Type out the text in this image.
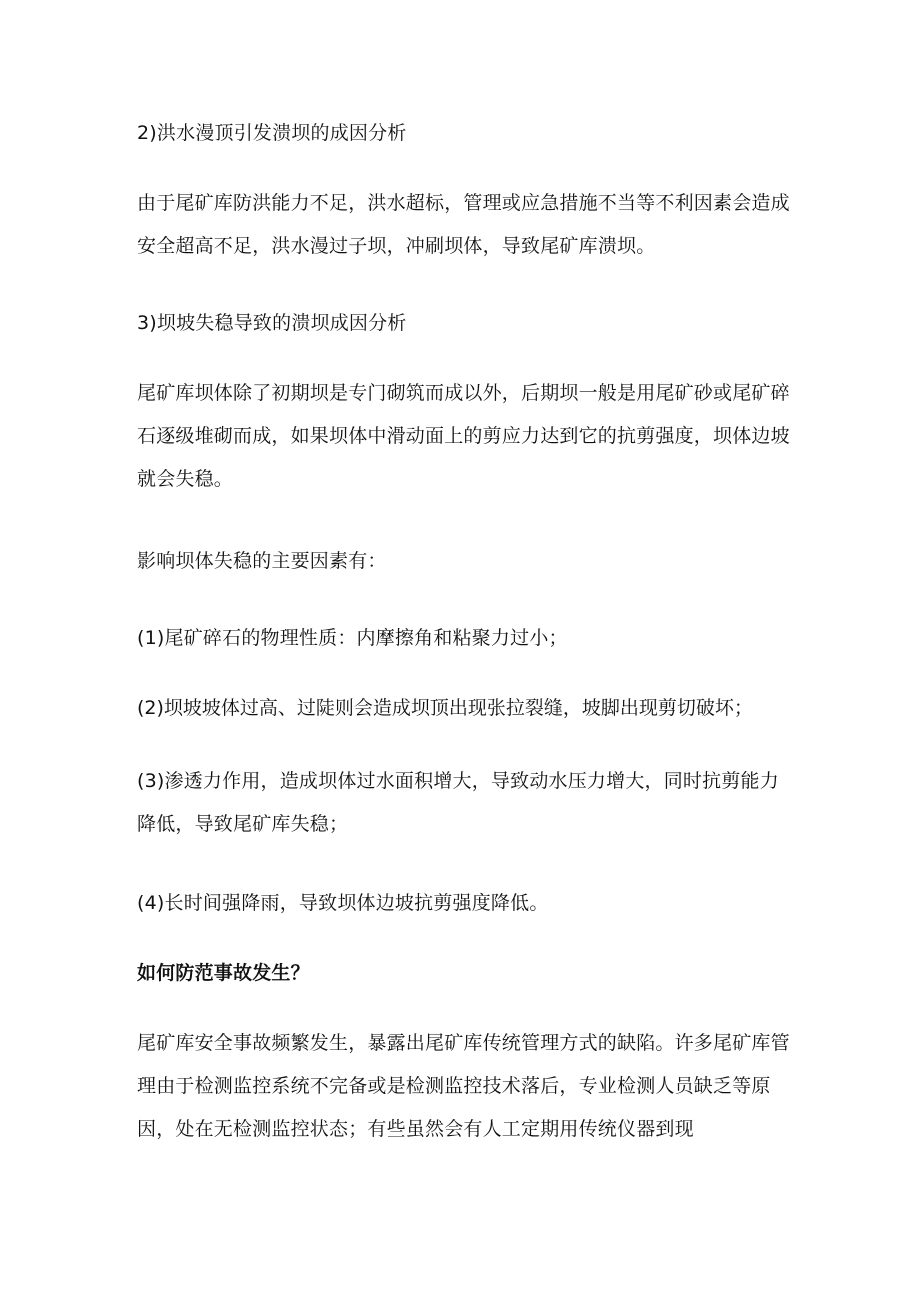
2)洪水漫顶引发溃坝的成因分析

由于尾矿库防洪能力不足，洪水超标，管理或应急措施不当等不利因素会造成安全超高不足，洪水漫过子坝，冲刷坝体，导致尾矿库溃坝。

3)坝坡失稳导致的溃坝成因分析

尾矿库坝体除了初期坝是专门砌筑而成以外，后期坝一般是用尾矿砂或尾矿碎石逐级堆砌而成，如果坝体中滑动面上的剪应力达到它的抗剪强度，坝体边坡就会失稳。

影响坝体失稳的主要因素有：

(1)尾矿碎石的物理性质：内摩擦角和粘聚力过小；

(2)坝坡坡体过高、过陡则会造成坝顶出现张拉裂缝，坡脚出现剪切破坏；

(3)渗透力作用，造成坝体过水面积增大，导致动水压力增大，同时抗剪能力降低，导致尾矿库失稳；

(4)长时间强降雨，导致坝体边坡抗剪强度降低。

如何防范事故发生？

尾矿库安全事故频繁发生，暴露出尾矿库传统管理方式的缺陷。许多尾矿库管理由于检测监控系统不完备或是检测监控技术落后，专业检测人员缺乏等原因，处在无检测监控状态；有些虽然会有人工定期用传统仪器到现
